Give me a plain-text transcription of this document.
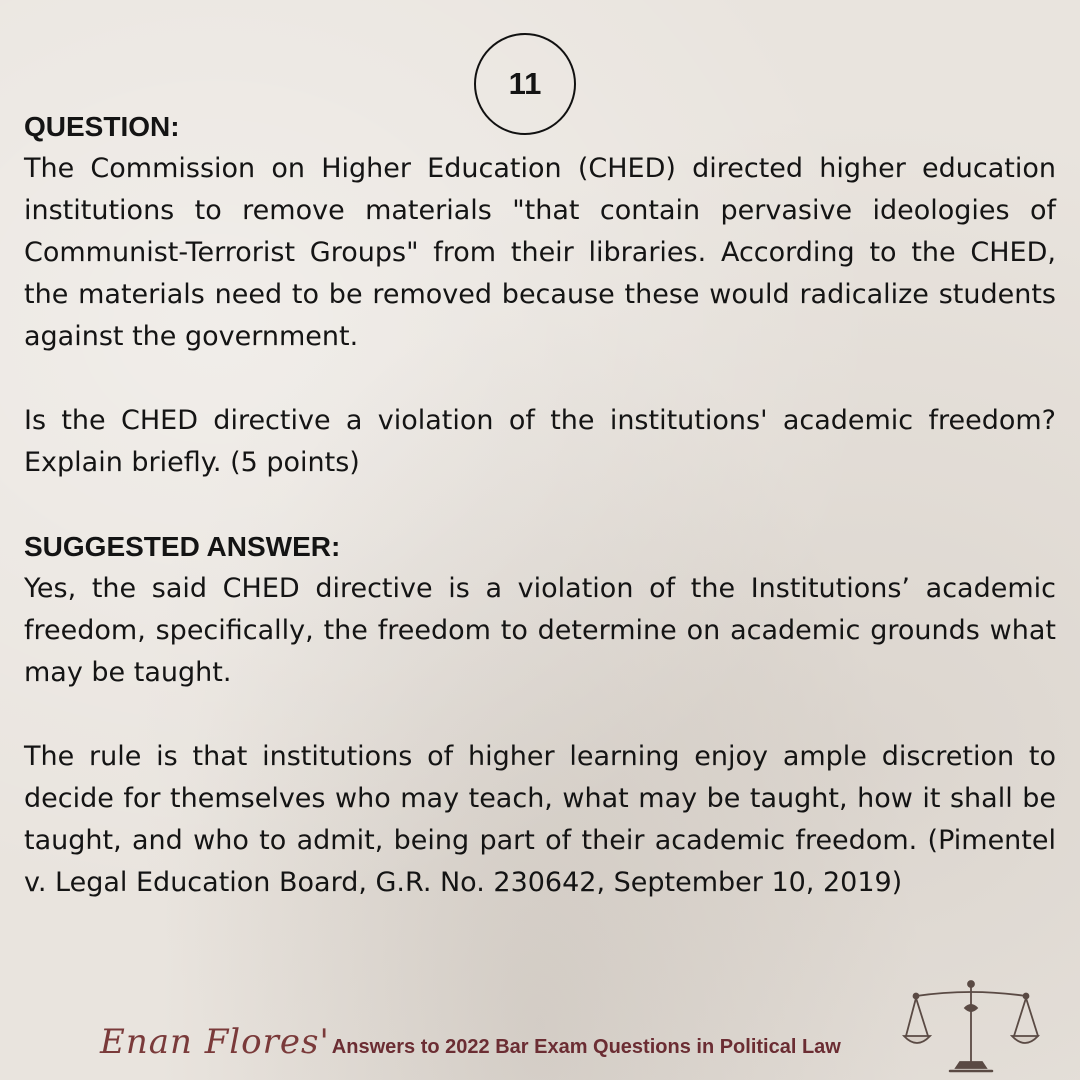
11

QUESTION:

The Commission on Higher Education (CHED) directed higher education institutions to remove materials "that contain pervasive ideologies of Communist-Terrorist Groups" from their libraries. According to the CHED, the materials need to be removed because these would radicalize students against the government.

Is the CHED directive a violation of the institutions' academic freedom? Explain briefly. (5 points)

SUGGESTED ANSWER:

Yes, the said CHED directive is a violation of the Institutions’ academic freedom, specifically, the freedom to determine on academic grounds what may be taught.

The rule is that institutions of higher learning enjoy ample discretion to decide for themselves who may teach, what may be taught, how it shall be taught, and who to admit, being part of their academic freedom. (Pimentel v. Legal Education Board, G.R. No. 230642, September 10, 2019)

Enan Flores' Answers to 2022 Bar Exam Questions in Political Law
